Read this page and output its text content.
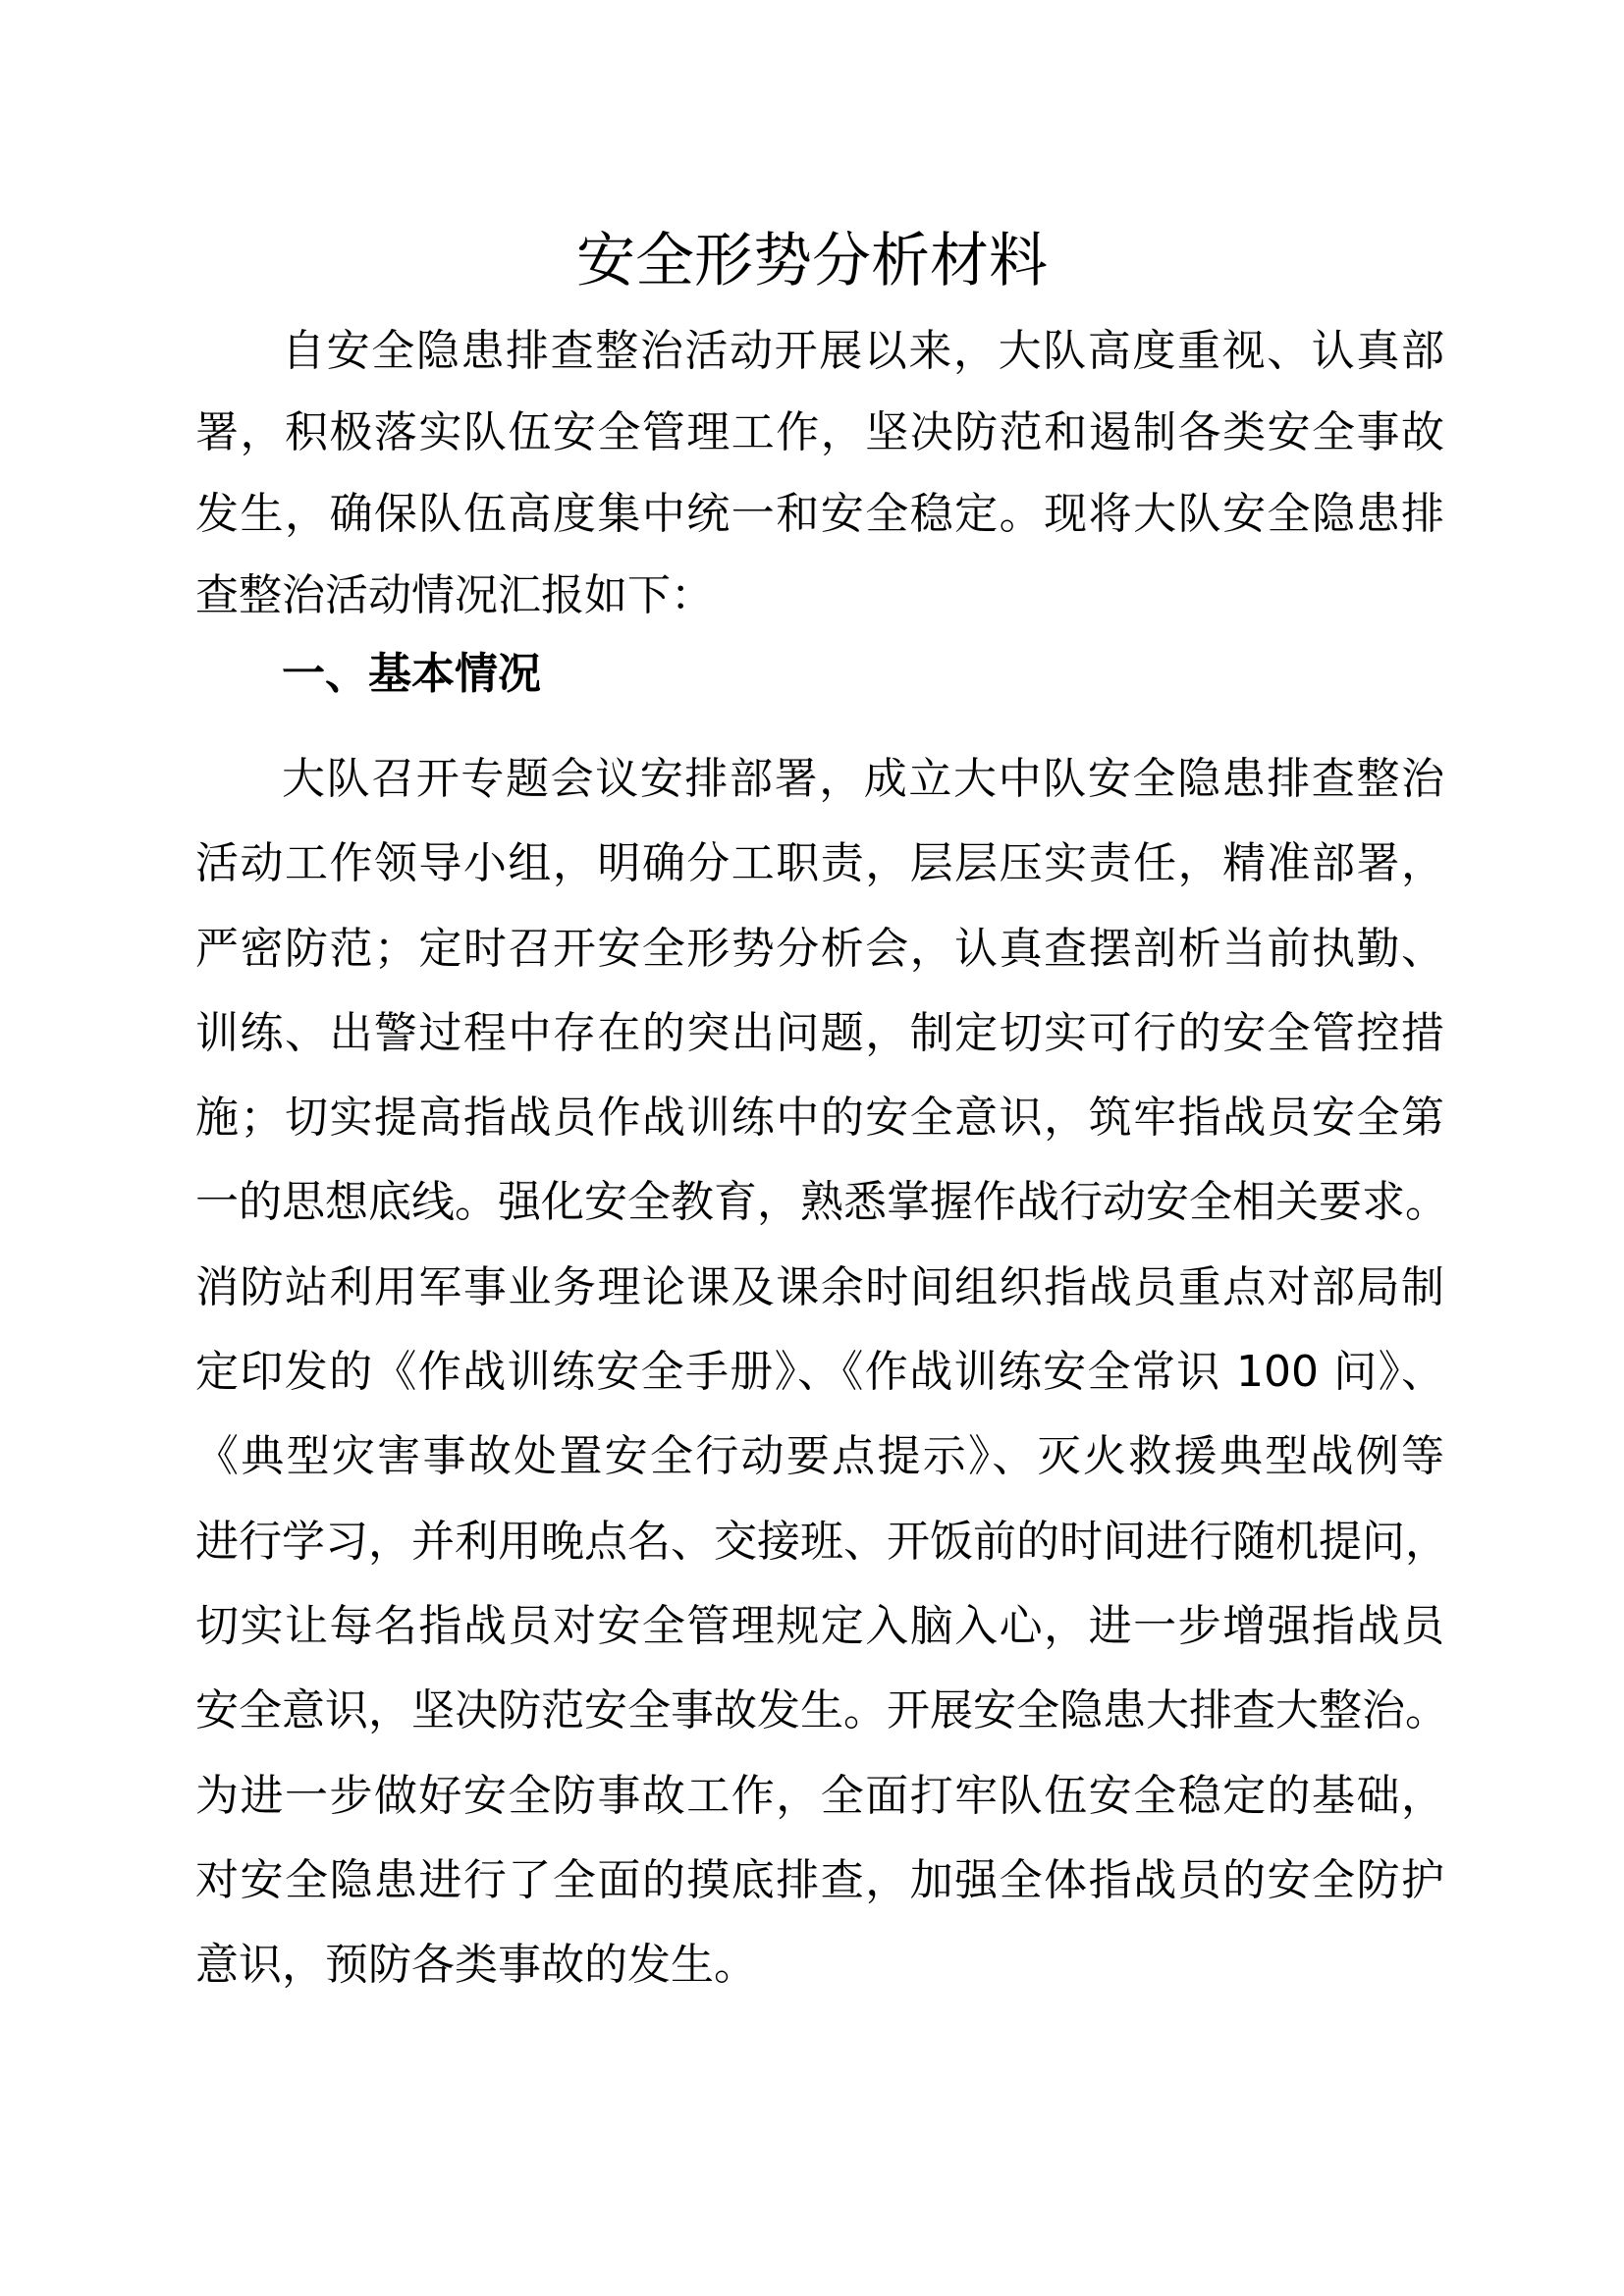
安全形势分析材料
自安全隐患排查整治活动开展以来，大队高度重视、认真部
署，积极落实队伍安全管理工作，坚决防范和遏制各类安全事故
发生，确保队伍高度集中统一和安全稳定。现将大队安全隐患排
查整治活动情况汇报如下：
一、基本情况
大队召开专题会议安排部署，成立大中队安全隐患排查整治
活动工作领导小组，明确分工职责，层层压实责任，精准部署，
严密防范；定时召开安全形势分析会，认真查摆剖析当前执勤、
训练、出警过程中存在的突出问题，制定切实可行的安全管控措
施；切实提高指战员作战训练中的安全意识，筑牢指战员安全第
一的思想底线。强化安全教育，熟悉掌握作战行动安全相关要求。
消防站利用军事业务理论课及课余时间组织指战员重点对部局制
定印发的《作战训练安全手册》、《作战训练安全常识 100 问》、
《典型灾害事故处置安全行动要点提示》、灭火救援典型战例等
进行学习，并利用晚点名、交接班、开饭前的时间进行随机提问，
切实让每名指战员对安全管理规定入脑入心，进一步增强指战员
安全意识，坚决防范安全事故发生。开展安全隐患大排查大整治。
为进一步做好安全防事故工作，全面打牢队伍安全稳定的基础，
对安全隐患进行了全面的摸底排查，加强全体指战员的安全防护
意识，预防各类事故的发生。
